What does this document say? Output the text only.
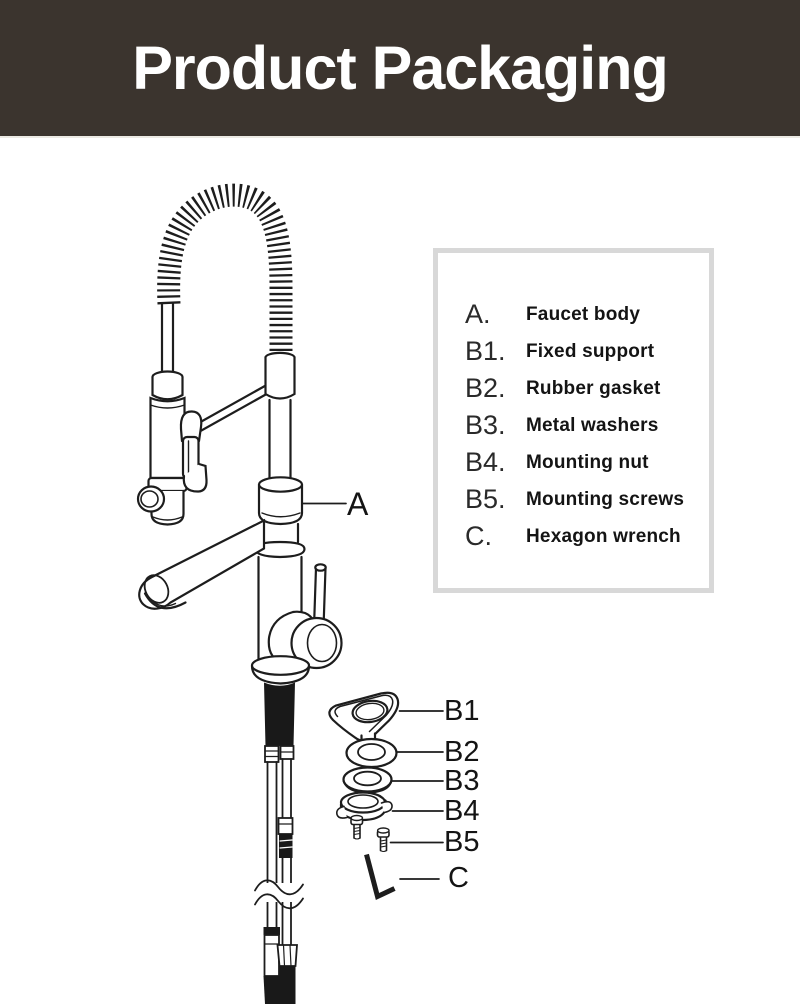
Product Packaging
A
B1
B2
B3
B4
B5
C
A.	Faucet body
B1.	Fixed support
B2.	Rubber gasket
B3.	Metal washers
B4.	Mounting nut
B5.	Mounting screws
C.	Hexagon wrench
